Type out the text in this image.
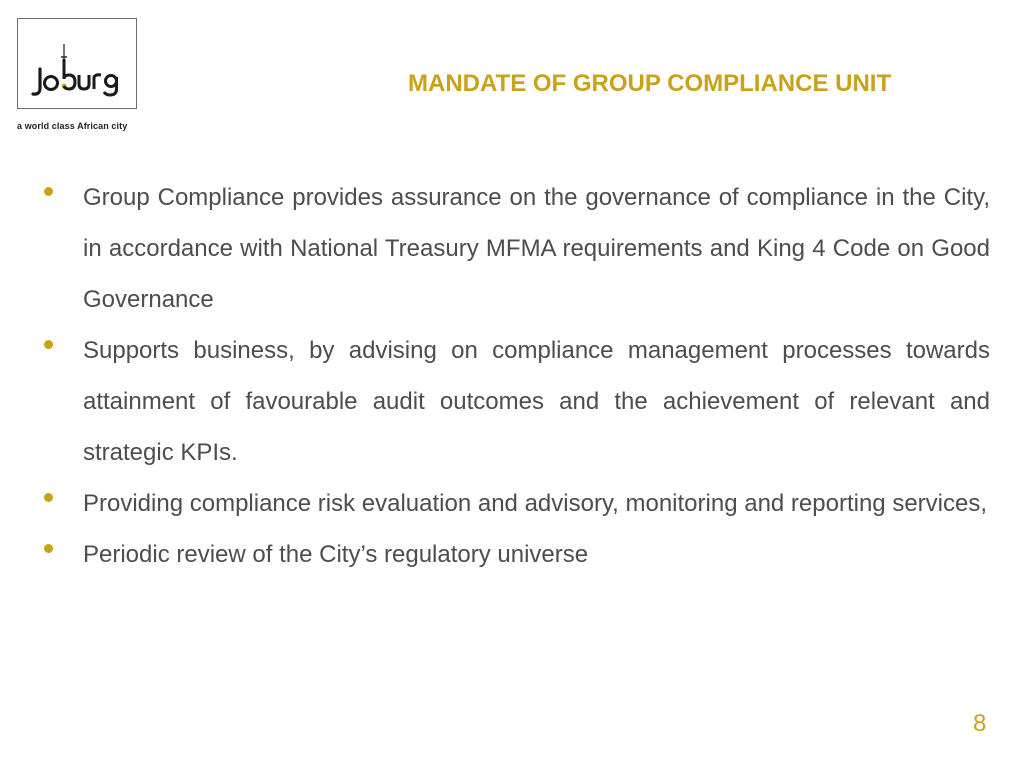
a world class African city
MANDATE OF GROUP COMPLIANCE UNIT
Group Compliance provides assurance on the governance of compliance in the City, in accordance with National Treasury MFMA requirements and King 4 Code on Good Governance
Supports business, by advising on compliance management processes towards attainment of favourable audit outcomes and the achievement of relevant and strategic KPIs.
Providing compliance risk evaluation and advisory, monitoring and reporting services,
Periodic review of the City’s regulatory universe
8
